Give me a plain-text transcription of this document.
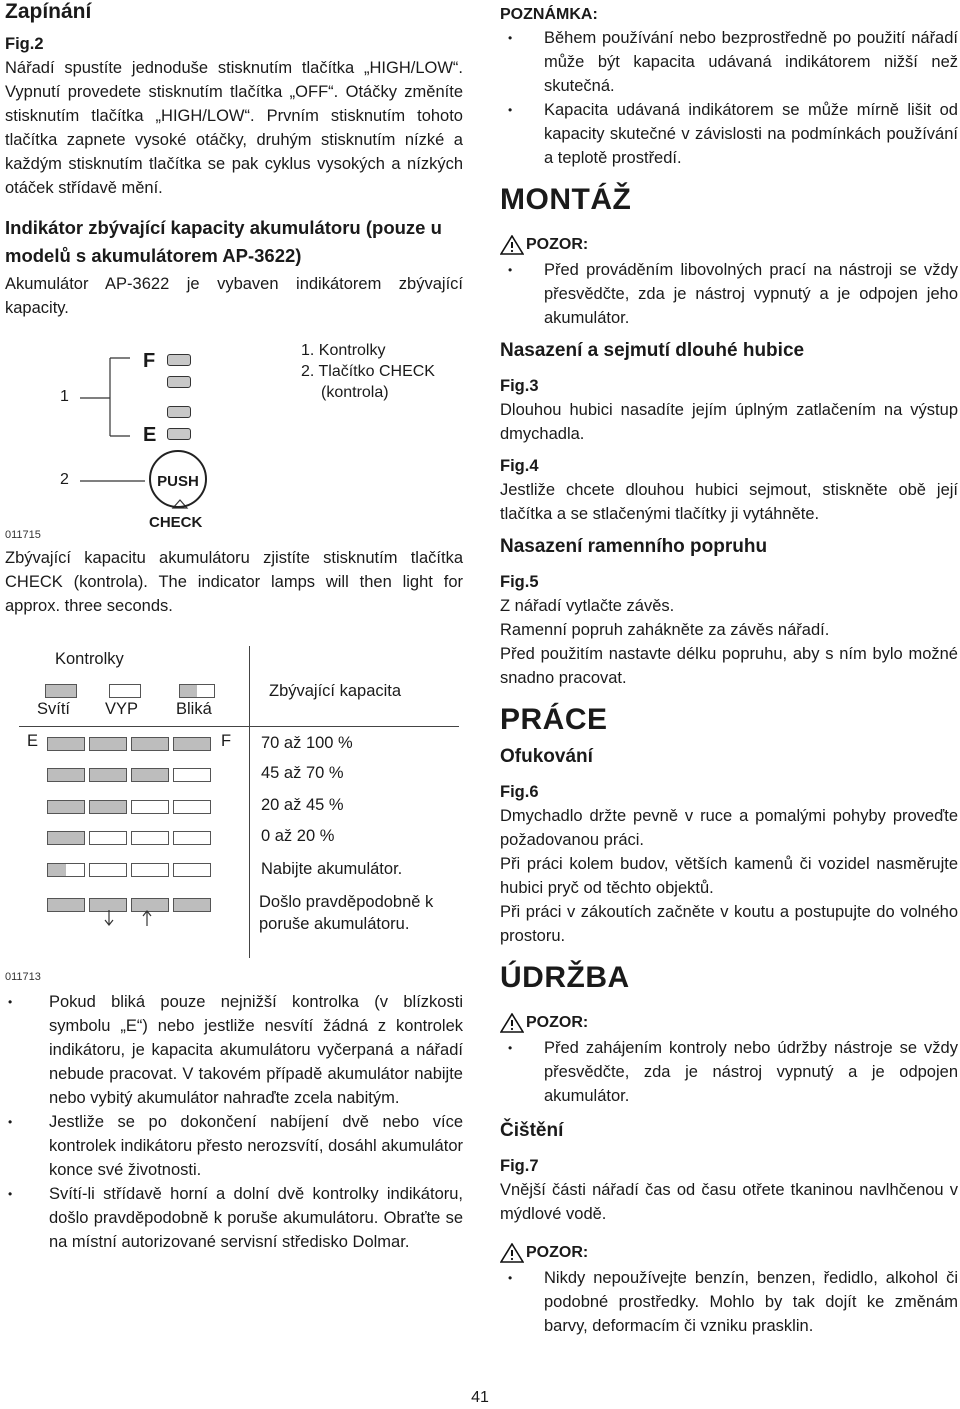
Zapínání
Fig.2

Nářadí spustíte jednoduše stisknutím tlačítka „HIGH/LOW“. Vypnutí provedete stisknutím tlačítka „OFF“. Otáčky změníte stisknutím tlačítka „HIGH/LOW“. Prvním stisknutím tohoto tlačítka zapnete vysoké otáčky, druhým stisknutím nízké a každým stisknutím tlačítka se pak cyklus vysokých a nízkých otáček střídavě mění.

Indikátor zbývající kapacity akumulátoru (pouze u modelů s akumulátorem AP-3622)

Akumulátor AP-3622 je vybaven indikátorem zbývající kapacity.

1
2
F
E
PUSH
CHECK
1. Kontrolky
2. Tlačítko CHECK
(kontrola)
011715

Zbývající kapacitu akumulátoru zjistíte stisknutím tlačítka CHECK (kontrola). The indicator lamps will then light for approx. three seconds.

Kontrolky
Svítí VYP Bliká
Zbývající kapacita
E	F 70 až 100 %
45 až 70 %
20 až 45 %
0 až 20 %
Nabijte akumulátor.
Došlo pravděpodobně k poruše akumulátoru.
011713
• Pokud bliká pouze nejnižší kontrolka (v blízkosti symbolu „E“) nebo jestliže nesvítí žádná z kontrolek indikátoru, je kapacita akumulátoru vyčerpaná a nářadí nebude pracovat. V takovém případě akumulátor nabijte nebo vybitý akumulátor nahraďte zcela nabitým.
• Jestliže se po dokončení nabíjení dvě nebo více kontrolek indikátoru přesto nerozsvítí, dosáhl akumulátor konce své životnosti.
• Svítí-li střídavě horní a dolní dvě kontrolky indikátoru, došlo pravděpodobně k poruše akumulátoru. Obraťte se na místní autorizované servisní středisko Dolmar.
POZNÁMKA:
• Během používání nebo bezprostředně po použití nářadí může být kapacita udávaná indikátorem nižší než skutečná.
• Kapacita udávaná indikátorem se může mírně lišit od kapacity skutečné v závislosti na podmínkách používání a teplotě prostředí.
MONTÁŽ
POZOR:
• Před prováděním libovolných prací na nástroji se vždy přesvědčte, zda je nástroj vypnutý a je odpojen jeho akumulátor.
Nasazení a sejmutí dlouhé hubice
Fig.3

Dlouhou hubici nasadíte jejím úplným zatlačením na výstup dmychadla.

Fig.4

Jestliže chcete dlouhou hubici sejmout, stiskněte obě její tlačítka a se stlačenými tlačítky ji vytáhněte.

Nasazení ramenního popruhu
Fig.5

Z nářadí vytlačte závěs.

Ramenní popruh zahákněte za závěs nářadí.

Před použitím nastavte délku popruhu, aby s ním bylo možné snadno pracovat.

PRÁCE
Ofukování
Fig.6

Dmychadlo držte pevně v ruce a pomalými pohyby proveďte požadovanou práci.

Při práci kolem budov, větších kamenů či vozidel nasměrujte hubici pryč od těchto objektů.

Při práci v zákoutích začněte v koutu a postupujte do volného prostoru.

ÚDRŽBA
POZOR:
• Před zahájením kontroly nebo údržby nástroje se vždy přesvědčte, zda je nástroj vypnutý a je odpojen akumulátor.
Čištění
Fig.7

Vnější části nářadí čas od času otřete tkaninou navlhčenou v mýdlové vodě.

POZOR:
• Nikdy nepoužívejte benzín, benzen, ředidlo, alkohol či podobné prostředky. Mohlo by tak dojít ke změnám barvy, deformacím či vzniku prasklin.
41
